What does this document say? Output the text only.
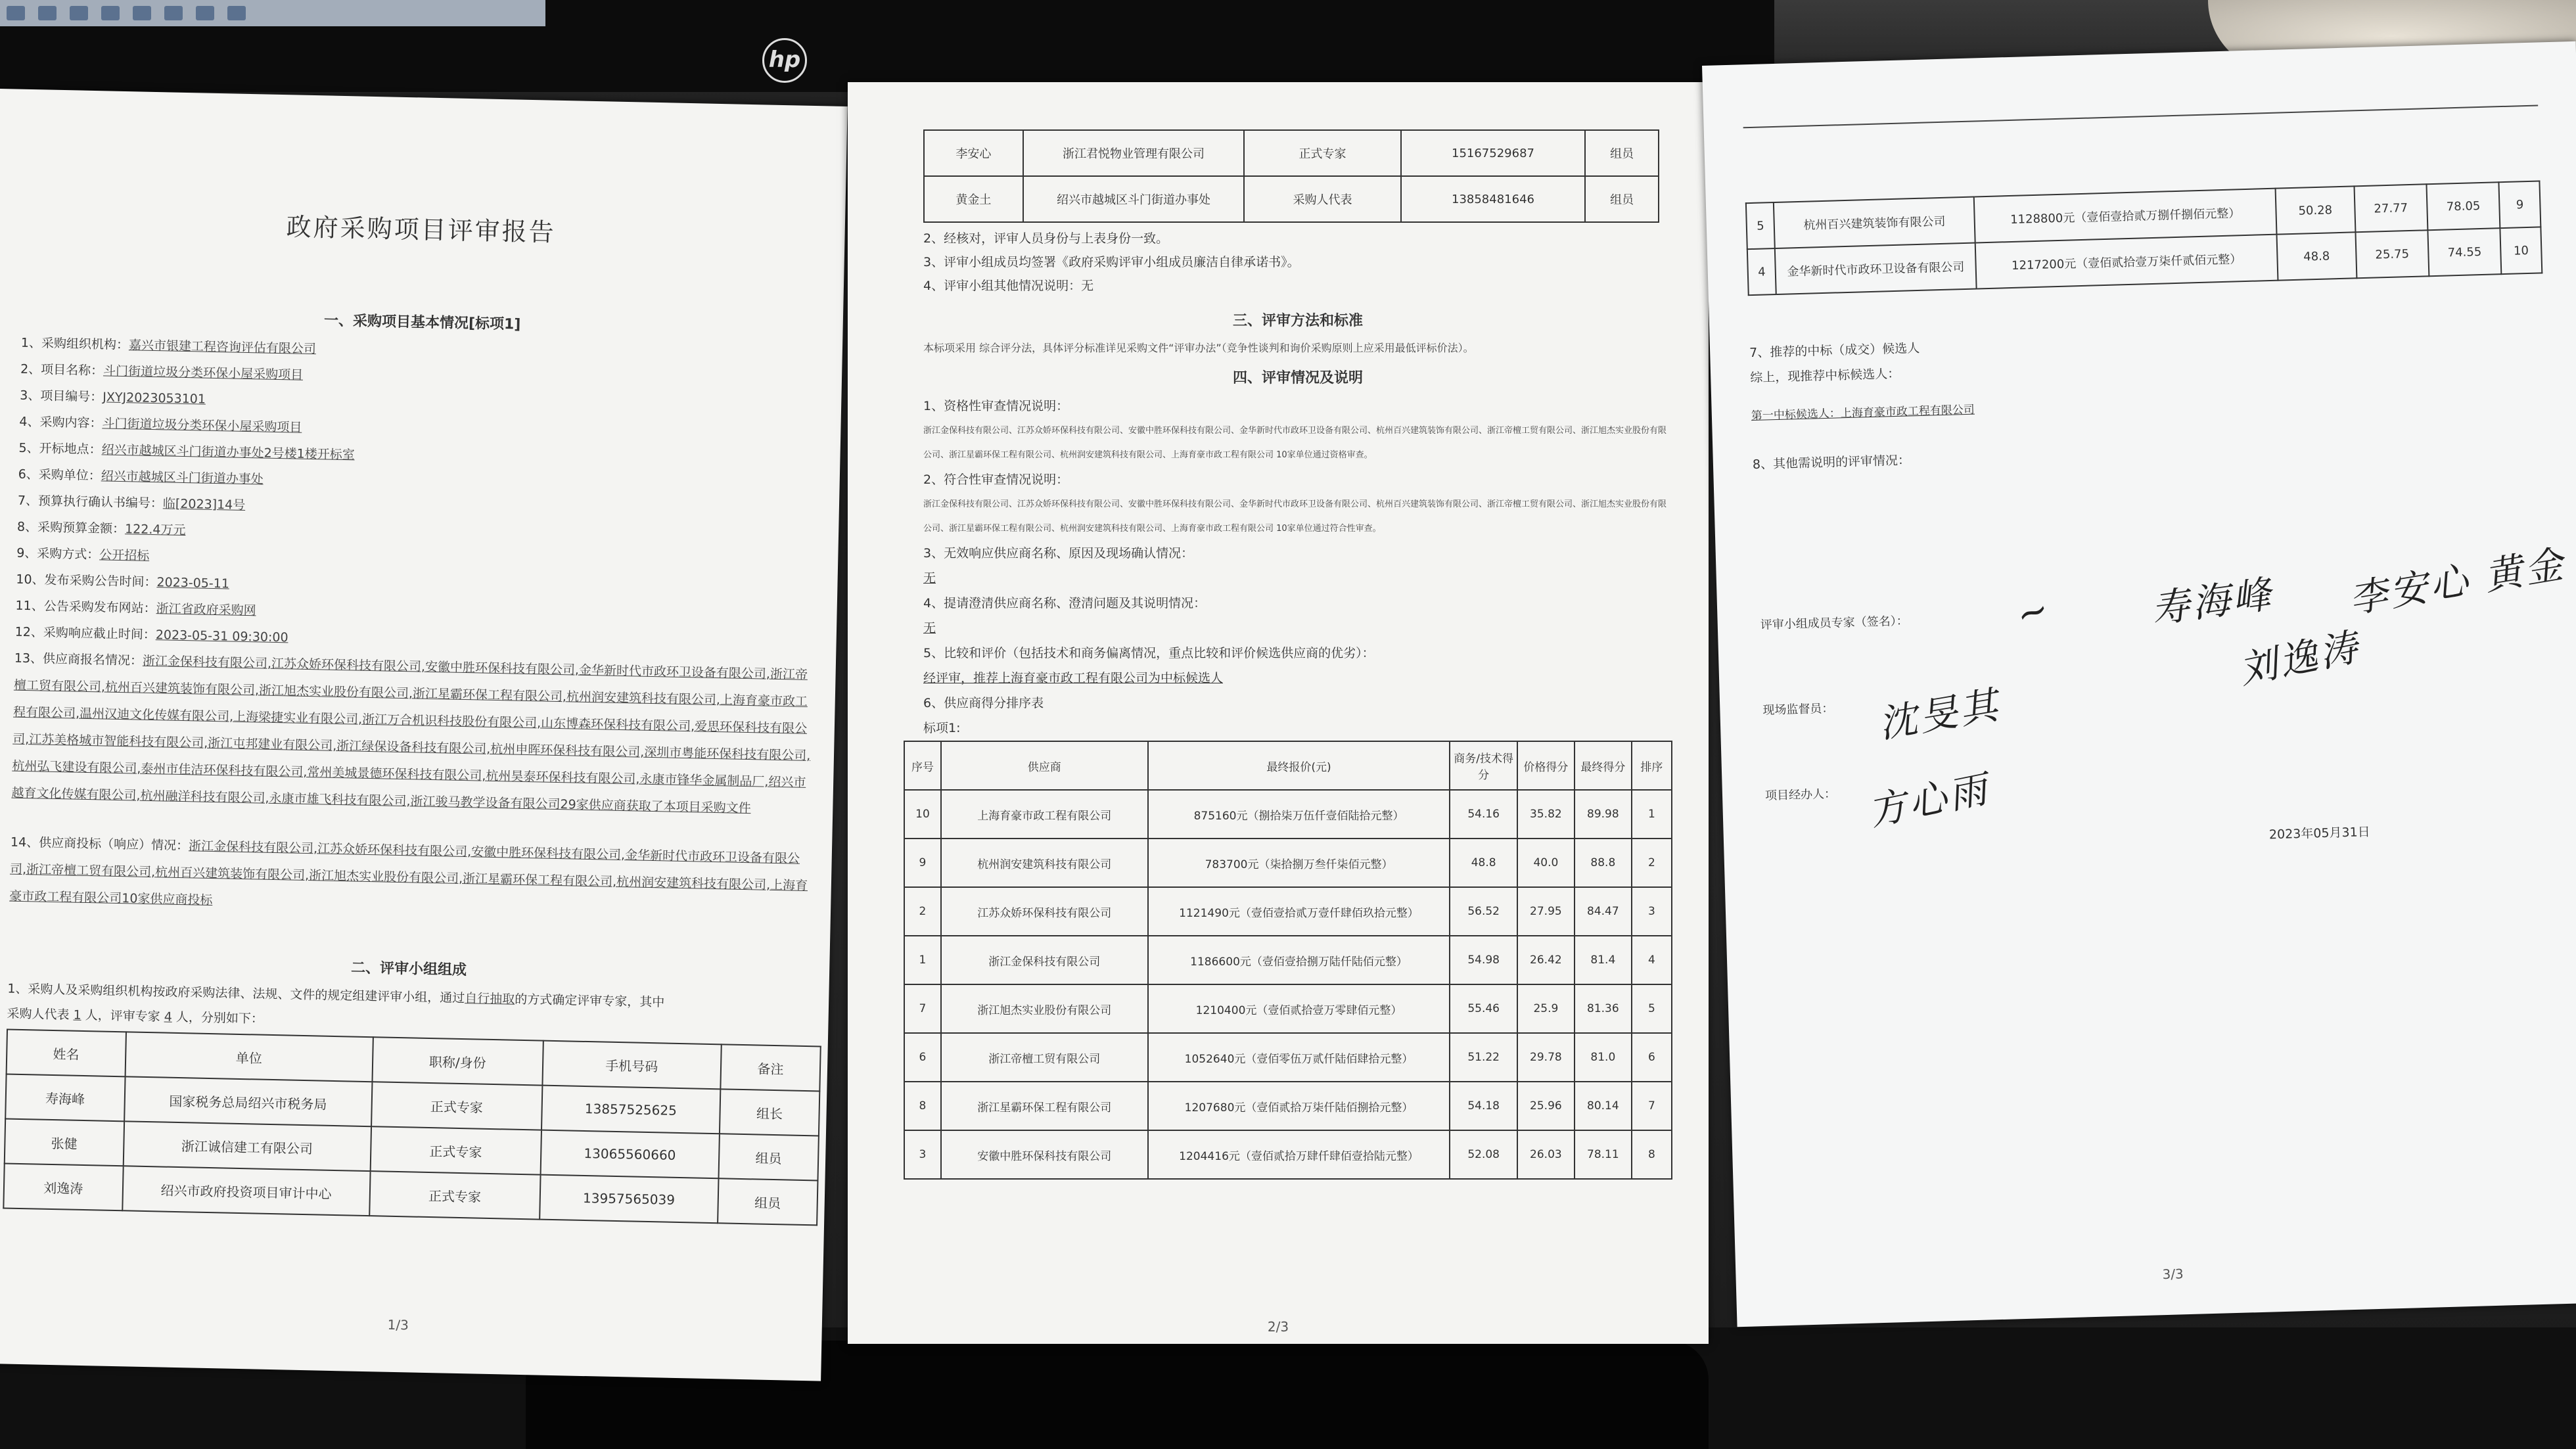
hp
政府采购项目评审报告
一、采购项目基本情况[标项1]
1、采购组织机构：嘉兴市银建工程咨询评估有限公司
2、项目名称：斗门街道垃圾分类环保小屋采购项目
3、项目编号：JXYJ2023053101
4、采购内容：斗门街道垃圾分类环保小屋采购项目
5、开标地点：绍兴市越城区斗门街道办事处2号楼1楼开标室
6、采购单位：绍兴市越城区斗门街道办事处
7、预算执行确认书编号：临[2023]14号
8、采购预算金额：122.4万元
9、采购方式：公开招标
10、发布采购公告时间：2023-05-11
11、公告采购发布网站：浙江省政府采购网
12、采购响应截止时间：2023-05-31 09:30:00
13、供应商报名情况：浙江金保科技有限公司,江苏众娇环保科技有限公司,安徽中胜环保科技有限公司,金华新时代市政环卫设备有限公司,浙江帝檀工贸有限公司,杭州百兴建筑装饰有限公司,浙江旭杰实业股份有限公司,浙江星霸环保工程有限公司,杭州润安建筑科技有限公司,上海育豪市政工程有限公司,温州汉迪文化传媒有限公司,上海梁捷实业有限公司,浙江万合机识科技股份有限公司,山东博森环保科技有限公司,爱思环保科技有限公司,江苏美格城市智能科技有限公司,浙江屯邦建业有限公司,浙江绿保设备科技有限公司,杭州申晖环保科技有限公司,深圳市粤能环保科技有限公司,杭州弘飞建设有限公司,泰州市佳洁环保科技有限公司,常州美城景德环保科技有限公司,杭州昊泰环保科技有限公司,永康市锋华金属制品厂,绍兴市越育文化传媒有限公司,杭州融洋科技有限公司,永康市雄飞科技有限公司,浙江骏马教学设备有限公司29家供应商获取了本项目采购文件
14、供应商投标（响应）情况：浙江金保科技有限公司,江苏众娇环保科技有限公司,安徽中胜环保科技有限公司,金华新时代市政环卫设备有限公司,浙江帝檀工贸有限公司,杭州百兴建筑装饰有限公司,浙江旭杰实业股份有限公司,浙江星霸环保工程有限公司,杭州润安建筑科技有限公司,上海育豪市政工程有限公司10家供应商投标
二、评审小组组成
1、采购人及采购组织机构按政府采购法律、法规、文件的规定组建评审小组，通过自行抽取的方式确定评审专家，其中
采购人代表 1 人，评审专家 4 人，分别如下：
姓名	单位	职称/身份	手机号码	备注
寿海峰	国家税务总局绍兴市税务局	正式专家	13857525625	组长
张健	浙江诚信建工有限公司	正式专家	13065560660	组员
刘逸涛	绍兴市政府投资项目审计中心	正式专家	13957565039	组员
1/3
李安心	浙江君悦物业管理有限公司	正式专家	15167529687	组员
黄金土	绍兴市越城区斗门街道办事处	采购人代表	13858481646	组员
2、经核对，评审人员身份与上表身份一致。
3、评审小组成员均签署《政府采购评审小组成员廉洁自律承诺书》。
4、评审小组其他情况说明：无
三、评审方法和标准
本标项采用 综合评分法，具体评分标准详见采购文件“评审办法”（竞争性谈判和询价采购原则上应采用最低评标价法）。
四、评审情况及说明
1、资格性审查情况说明：
浙江金保科技有限公司、江苏众娇环保科技有限公司、安徽中胜环保科技有限公司、金华新时代市政环卫设备有限公司、杭州百兴建筑装饰有限公司、浙江帝檀工贸有限公司、浙江旭杰实业股份有限公司、浙江星霸环保工程有限公司、杭州润安建筑科技有限公司、上海育豪市政工程有限公司 10家单位通过资格审查。
2、符合性审查情况说明：
浙江金保科技有限公司、江苏众娇环保科技有限公司、安徽中胜环保科技有限公司、金华新时代市政环卫设备有限公司、杭州百兴建筑装饰有限公司、浙江帝檀工贸有限公司、浙江旭杰实业股份有限公司、浙江星霸环保工程有限公司、杭州润安建筑科技有限公司、上海育豪市政工程有限公司 10家单位通过符合性审查。
3、无效响应供应商名称、原因及现场确认情况：
无
4、提请澄清供应商名称、澄清问题及其说明情况：
无
5、比较和评价（包括技术和商务偏离情况，重点比较和评价候选供应商的优劣）：
经评审，推荐上海育豪市政工程有限公司为中标候选人
6、供应商得分排序表
标项1:
序号	供应商	最终报价(元)	商务/技术得分	价格得分	最终得分	排序
10	上海育豪市政工程有限公司	875160元（捌拾柒万伍仟壹佰陆拾元整）	54.16	35.82	89.98	1
9	杭州润安建筑科技有限公司	783700元（柒拾捌万叁仟柒佰元整）	48.8	40.0	88.8	2
2	江苏众娇环保科技有限公司	1121490元（壹佰壹拾贰万壹仟肆佰玖拾元整）	56.52	27.95	84.47	3
1	浙江金保科技有限公司	1186600元（壹佰壹拾捌万陆仟陆佰元整）	54.98	26.42	81.4	4
7	浙江旭杰实业股份有限公司	1210400元（壹佰贰拾壹万零肆佰元整）	55.46	25.9	81.36	5
6	浙江帝檀工贸有限公司	1052640元（壹佰零伍万贰仟陆佰肆拾元整）	51.22	29.78	81.0	6
8	浙江星霸环保工程有限公司	1207680元（壹佰贰拾万柒仟陆佰捌拾元整）	54.18	25.96	80.14	7
3	安徽中胜环保科技有限公司	1204416元（壹佰贰拾万肆仟肆佰壹拾陆元整）	52.08	26.03	78.11	8
2/3
5	杭州百兴建筑装饰有限公司	1128800元（壹佰壹拾贰万捌仟捌佰元整）	50.28	27.77	78.05	9
4	金华新时代市政环卫设备有限公司	1217200元（壹佰贰拾壹万柒仟贰佰元整）	48.8	25.75	74.55	10
7、推荐的中标（成交）候选人
综上，现推荐中标候选人：
第一中标候选人：上海育豪市政工程有限公司
8、其他需说明的评审情况：
评审小组成员专家（签名）：
现场监督员：
项目经办人：
~ 寿海峰 李安心 黄金
刘逸涛
沈旻其
方心雨	2023年05月31日
3/3
